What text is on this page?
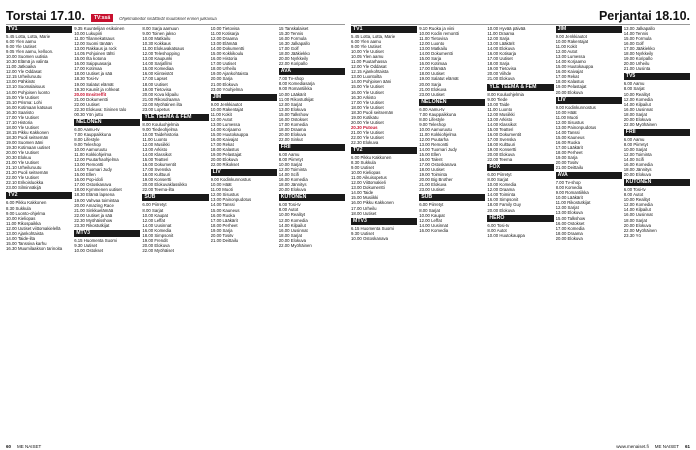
Torstai 17.10.	TV:ssä	Ohjelmatiedot sisältävät muutokset ennen julkaisua
TV1
5.45 Lotta, Lotta, Marie
6.00 Ylen aamu
9.00 Yle Uutiset
9.05 Ylen aamu, kelloon.
10.00 Suomen uutisia
10.30 Elämä ja valinta
11.00 Jatkoaika
12.00 Yle Oddasat
12.15 Urheiluruutu
13.00 Pähkinät
13.10 Suomalaisuus
14.00 Pohjoisen luonto
15.00 Yle Uutiset
15.10 Prisma: Lohi
16.00 Kotimaan katsaus
16.30 Saaristo
17.00 Yle Uutiset
17.10 Historia
18.00 Yle Uutiset
18.15 Pikku Kakkonen
18.30 Puoli seitsemän
19.00 Suomen ääni
19.30 Kotimaan uutiset
20.00 Yle Uutiset
20.30 Elokuu
21.00 Yle Uutiset
21.10 Urheiluruutu
21.20 Puoli seitsemän
22.00 Yle Uutiset
22.10 Erikoisluokka
23.00 Silminnäkijä
TV2
6.00 Pikku Kakkonen
8.30 Sukkula
9.00 Luonto-ohjelma
10.00 Kieliopas
11.00 Rikospaikka
12.00 Uutiset viittomakielellä
13.00 Ajankohtaista
14.00 Taide-ilta
15.00 Tanssiva karhu
16.30 Muumilaakson tarinoita
9.35 Kuuntelijan esikoinen
10.00 Lukupiiri
11.00 Tilannekatsaus
12.00 Suomi tänään
13.00 Rakkaus ja rock
14.05 Pohjoinen tähti
15.00 Ilta kotona
16.00 Saippuasarja
17.00 Kotimaa
18.00 Uutiset ja sää
18.30 Tosi-tv
19.00 Salatut elämät
19.30 Kauniit ja rohkeat
20.00 Ensitreffit
21.00 Dokumentti
22.00 Uutiset
22.30 Elokuva: Sininen talo
00.30 Yön juttu
NELONEN
6.00 Aamu-tv
7.00 Kauppaikkuna
8.00 Lifestyle
9.00 Teleshop
10.00 Aamuruutu
11.00 Kokkiohjelma
12.00 Puutarhaohjelma
13.00 Remontti
14.00 Tuomari Judy
15.00 Ellen
16.00 Pop-idoli
17.00 Ostoskanava
18.00 Kymmenen uutiset
18.30 Elämä lapsena
19.00 Vahvaa toimintaa
20.00 Amazing Race
21.00 Sinkkuelämää
22.00 Uutiset ja sää
22.30 Myöhäisshow
23.30 Rikostutkijat
MTV3
6.15 Huomenta Suomi
9.30 Uutiset
10.00 Ostokset
8.00 Sarja aamuun
9.00 Toinen jakso
10.00 Matkailu
10.30 Kokkaus
11.00 Elokuvakatsaus
12.00 Teleshopping
13.00 Kaupunki
14.00 Sarjafilmi
15.00 Komediaa
16.00 Kiinteistöt
17.00 Lapset
18.00 Uutiset
19.00 Tietovisa
20.00 Kova kilpailu
21.00 Rikosdraama
22.00 Myöhäinen ilta
23.00 Lopetus
YLE TEEMA & FEM
8.00 Kouluohjelmia
9.00 Tiedeohjelma
10.00 Taidehistoria
11.00 Luonto
12.00 Musiikki
13.00 Arkisto
14.00 Klassikot
15.00 Teatteri
16.00 Dokumentit
17.00 Svenska
18.00 Kulttuuri
19.00 Konsertti
20.00 Elokuvaklassikko
22.00 Teema-ilta
SUB
6.00 Piirretyt
8.00 Sarjat
10.00 Kaupat
12.00 Leffat
14.00 Uusinnat
16.00 Komedia
18.00 Simpsonit
19.00 Frendit
20.00 Elokuva
22.00 Myöhäiset
10.00 Tietovisa
11.00 Kotisarja
12.00 Draama
13.00 Elämää
14.00 Dokumentti
15.00 Kokkikoulu
16.00 Historia
17.00 Uutiset
18.00 Urheilu
19.00 Ajankohtaista
20.00 Sarja
21.00 Elokuva
23.00 Yöohjelma
JIM
9.00 Jenkkiautot
10.00 Rakentajat
11.00 Kokit
12.00 Autot
13.00 Lumessa
14.00 Korjaamo
15.00 Huutokauppa
16.00 Kaivajat
17.00 Rekat
18.00 Kalastus
19.00 Pelastajat
20.00 Elokuva
22.00 Rikokset
LIV
9.00 Kodinkunnostus
10.00 Häät
11.00 Muoti
12.00 Sisustus
13.00 Painonpudotus
14.00 Tanssi
15.00 Kauneus
16.00 Ruoka
17.00 Lääkärit
18.00 Perheet
19.00 Sarja
20.00 Tositv
21.00 Deittailu
15 Tanskalaiset
15.30 Tennis
16.00 Formula
16.30 Jalkapallo
17.00 Golf
18.00 Jääkiekko
20.00 Nyrkkeily
22.00 Koripallo
AVA
7.00 Tv-shop
8.00 Komediasarja
9.00 Romantiikka
10.00 Lääkärit
11.00 Rikostutkijat
12.00 Sarjat
13.00 Elokuva
15.00 Talkshow
16.00 Ostokset
17.00 Komedia
18.00 Draama
20.00 Elokuva
22.00 Sinkut
FRII
6.00 Aamu
8.00 Piirretyt
10.00 Sarjat
12.00 Toiminta
14.00 Scifi
16.00 Komedia
18.00 Jännitys
20.00 Elokuva
KUTONEN
6.00 Tosi-tv
8.00 Autot
10.00 Realityt
12.00 Komedia
14.00 Kilpailut
16.00 Uusinnat
18.00 Sarjat
20.00 Elokuva
22.00 Myöhäinen
60 ME NAISET
Perjantai 18.10.
TV1
5.45 Lotta, Lotta, Marie
6.00 Ylen aamu
9.00 Yle Uutiset
10.00 Yle Uutiset
10.05 Ylen aamu
11.00 Puutarhassa
12.00 Yle Oddasat
12.15 Ajankohtaista
13.00 Luontoilta
14.00 Pohjoisen ääni
15.00 Yle Uutiset
16.00 Yle Uutiset
16.30 Arkisto
17.00 Yle Uutiset
18.00 Yle Uutiset
18.30 Puoli seitsemän
19.00 Kotikatu
20.00 Yle Uutiset
20.30 Putous
21.00 Yle Uutiset
22.00 Yle Uutiset
22.30 Elokuva
TV2
6.00 Pikku Kakkonen
8.30 Sukkula
9.00 Uutiset
10.00 Kieliopas
11.00 Aikuisopetus
12.00 Viittomakieli
13.00 Dokumentti
14.00 Taide
15.00 Musiikki
16.00 Pikku Kakkonen
17.00 Urheilu
18.00 Uutiset
MTV3
6.15 Huomenta Suomi
9.30 Uutiset
10.00 Ostoskanava
9.10 Ruoka ja viini
10.00 Kodin remontti
11.00 Tietovisa
12.00 Luonto
13.00 Matkailu
14.00 Dokumentti
15.00 Sarja
16.00 Kotimaa
17.00 Elämää
18.00 Uutiset
19.00 Salatut elämät
20.00 Sarja
21.00 Elokuva
23.00 Uutiset
NELONEN
6.00 Aamu-tv
7.00 Kauppaikkuna
8.00 Lifestyle
9.00 Teleshop
10.00 Aamuruutu
11.00 Kokkiohjelma
12.00 Puutarha
13.00 Remontti
14.00 Tuomari Judy
15.00 Ellen
16.00 Talent
17.00 Ostoskanava
18.00 Uutiset
19.00 Toiminta
20.00 Big Brother
21.00 Elokuva
23.00 Uutiset
SUB
6.00 Piirretyt
8.00 Sarjat
10.00 Kaupat
12.00 Leffat
14.00 Uusinnat
16.00 Komedia
10.00 Hyvää päivää
11.00 Draama
12.00 Sarja
13.00 Lääkärit
14.00 Elokuva
16.00 Kotisarja
17.00 Uutiset
18.00 Sarja
19.00 Tietovisa
20.00 Viihde
21.00 Elokuva
YLE TEEMA & FEM
8.00 Kouluohjelmia
9.00 Tiede
10.00 Taide
11.00 Luonto
12.00 Musiikki
13.00 Arkisto
14.00 Klassikot
15.00 Teatteri
16.00 Dokumentit
17.00 Svenska
18.00 Kulttuuri
19.00 Konsertti
20.00 Elokuva
22.00 Teema
FOX
6.00 Piirretyt
8.00 Sarjat
10.00 Komedia
12.00 Draama
14.00 Toiminta
16.00 Simpsonit
18.00 Family Guy
20.00 Elokuva
HERO
6.00 Tosi-tv
8.00 Autot
10.00 Huutokauppa
JIM
9.00 Jenkkiautot
10.00 Rakentajat
11.00 Kokit
12.00 Autot
13.00 Lumessa
14.00 Korjaamo
15.00 Huutokauppa
16.00 Kaivajat
17.00 Rekat
18.00 Kalastus
19.00 Pelastajat
20.00 Elokuva
LIV
9.00 Kodinkunnostus
10.00 Häät
11.00 Muoti
12.00 Sisustus
13.00 Painonpudotus
14.00 Tanssi
15.00 Kauneus
16.00 Ruoka
17.00 Lääkärit
18.00 Perheet
19.00 Sarja
20.00 Tositv
21.00 Deittailu
AVA
7.00 Tv-shop
8.00 Komedia
9.00 Romantiikka
10.00 Lääkärit
11.00 Rikostutkijat
12.00 Sarjat
13.00 Elokuva
15.00 Talkshow
16.00 Ostokset
17.00 Komedia
18.00 Draama
20.00 Elokuva
13.00 Jalkapallo
14.00 Tennis
15.00 Formula
16.00 Golf
17.00 Jääkiekko
18.00 Nyrkkeily
19.00 Koripallo
20.00 Urheilu
21.00 Uusinta
TV5
6.00 Aamu
8.00 Sarjat
10.00 Realityt
12.00 Komedia
14.00 Kilpailut
16.00 Uusinnat
18.00 Sarjat
20.00 Elokuva
22.00 Myöhäinen
FRII
6.00 Aamu
8.00 Piirretyt
10.00 Sarjat
12.00 Toiminta
14.00 Scifi
16.00 Komedia
18.00 Jännitys
20.00 Elokuva
KUTONEN
6.00 Tosi-tv
8.00 Autot
10.00 Realityt
12.00 Komedia
14.00 Kilpailut
16.00 Uusinnat
18.00 Sarjat
20.00 Elokuva
22.00 Myöhäinen
23.30 Yö
www.menaiset.fi ME NAISET 61
